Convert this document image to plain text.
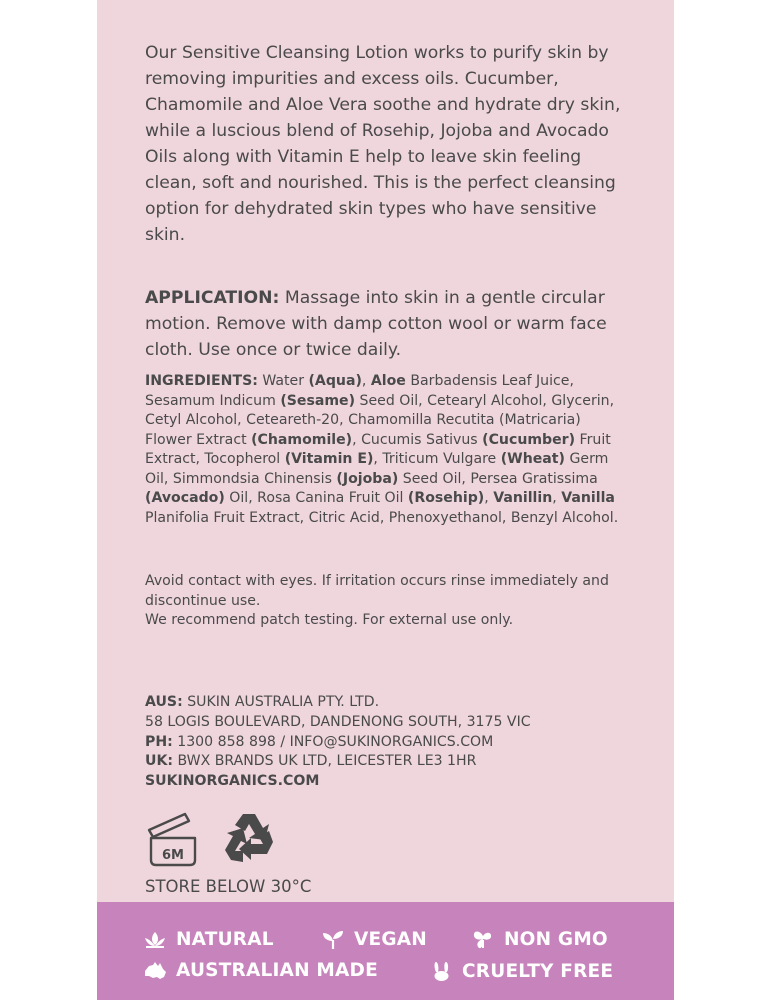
Our Sensitive Cleansing Lotion works to purify skin by removing impurities and excess oils. Cucumber, Chamomile and Aloe Vera soothe and hydrate dry skin, while a luscious blend of Rosehip, Jojoba and Avocado Oils along with Vitamin E help to leave skin feeling clean, soft and nourished. This is the perfect cleansing option for dehydrated skin types who have sensitive skin.

APPLICATION: Massage into skin in a gentle circular motion. Remove with damp cotton wool or warm face cloth. Use once or twice daily.

INGREDIENTS: Water (Aqua), Aloe Barbadensis Leaf Juice, Sesamum Indicum (Sesame) Seed Oil, Cetearyl Alcohol, Glycerin, Cetyl Alcohol, Ceteareth-20, Chamomilla Recutita (Matricaria) Flower Extract (Chamomile), Cucumis Sativus (Cucumber) Fruit Extract, Tocopherol (Vitamin E), Triticum Vulgare (Wheat) Germ Oil, Simmondsia Chinensis (Jojoba) Seed Oil, Persea Gratissima (Avocado) Oil, Rosa Canina Fruit Oil (Rosehip), Vanillin, Vanilla Planifolia Fruit Extract, Citric Acid, Phenoxyethanol, Benzyl Alcohol.

Avoid contact with eyes. If irritation occurs rinse immediately and discontinue use.
We recommend patch testing. For external use only.
AUS: SUKIN AUSTRALIA PTY. LTD.
58 LOGIS BOULEVARD, DANDENONG SOUTH, 3175 VIC
PH: 1300 858 898 / INFO@SUKINORGANICS.COM
UK: BWX BRANDS UK LTD, LEICESTER LE3 1HR
SUKINORGANICS.COM
6M
STORE BELOW 30°C
NATURAL	VEGAN	NON GMO
AUSTRALIAN MADE	CRUELTY FREE
